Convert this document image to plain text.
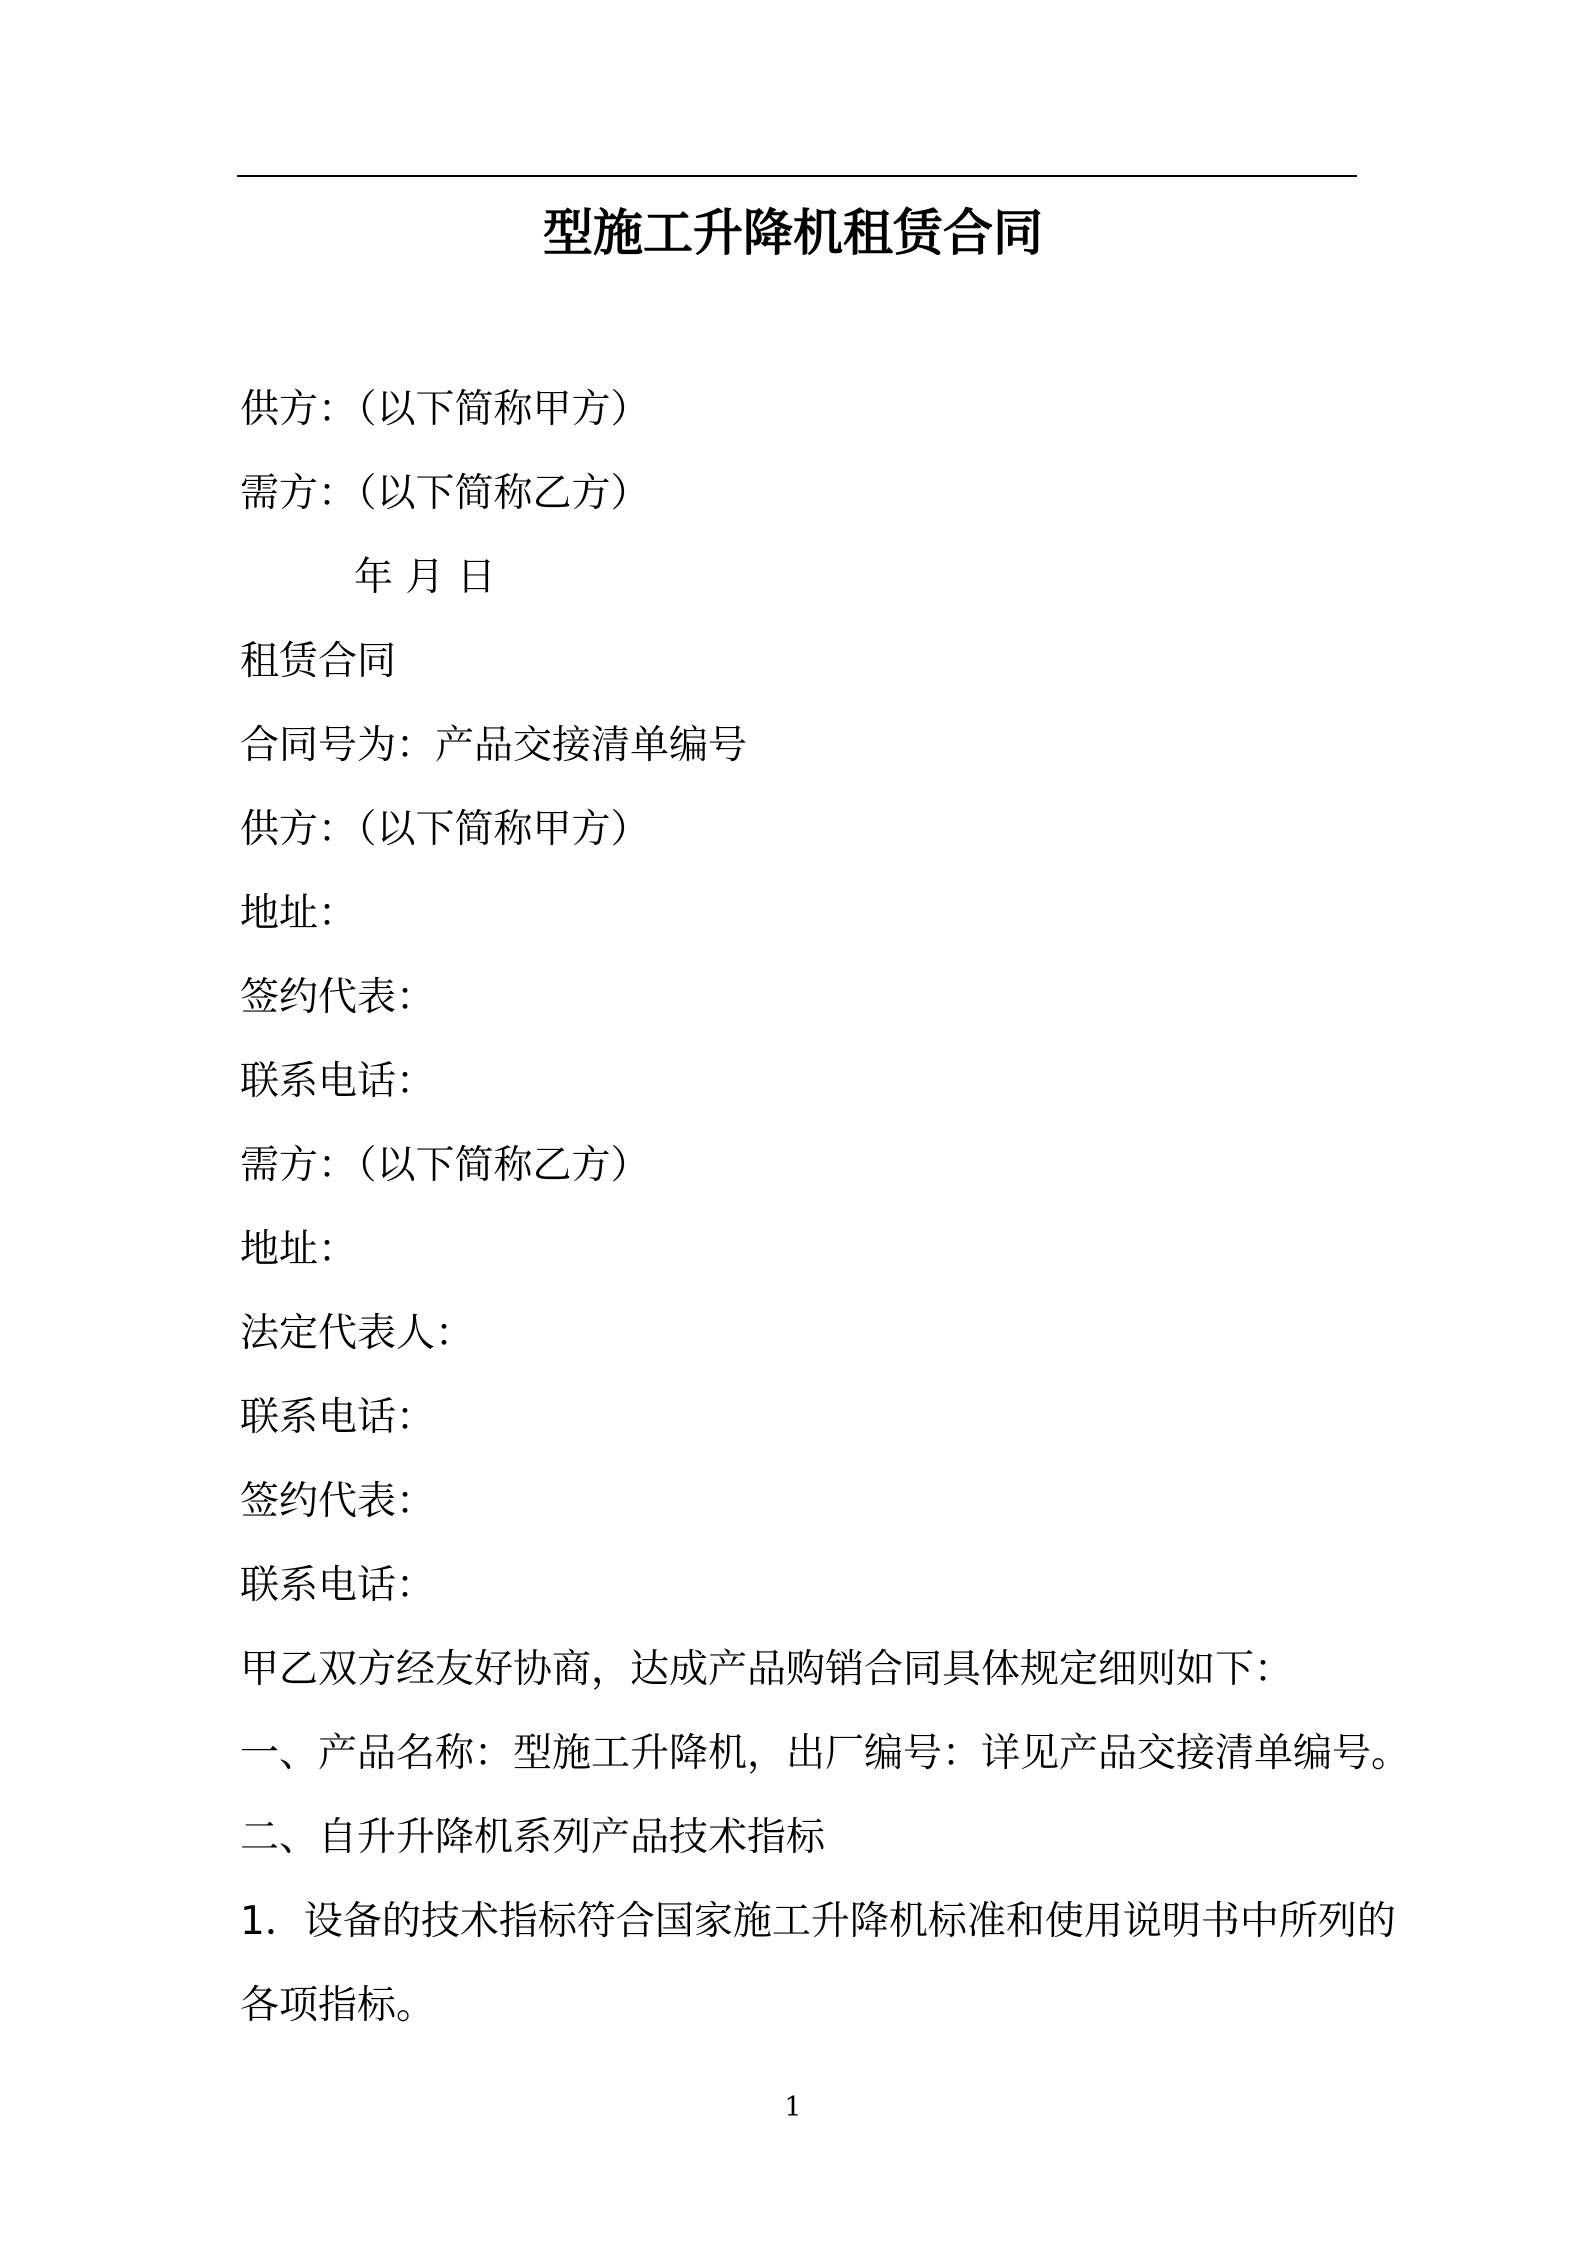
型施工升降机租赁合同
供方：（以下简称甲方）
需方：（以下简称乙方）
年 月 日
租赁合同
合同号为：产品交接清单编号
供方：（以下简称甲方）
地址：
签约代表：
联系电话：
需方：（以下简称乙方）
地址：
法定代表人：
联系电话：
签约代表：
联系电话：
甲乙双方经友好协商，达成产品购销合同具体规定细则如下：
一、产品名称：型施工升降机，出厂编号：详见产品交接清单编号。
二、自升升降机系列产品技术指标
1．设备的技术指标符合国家施工升降机标准和使用说明书中所列的
各项指标。
1
